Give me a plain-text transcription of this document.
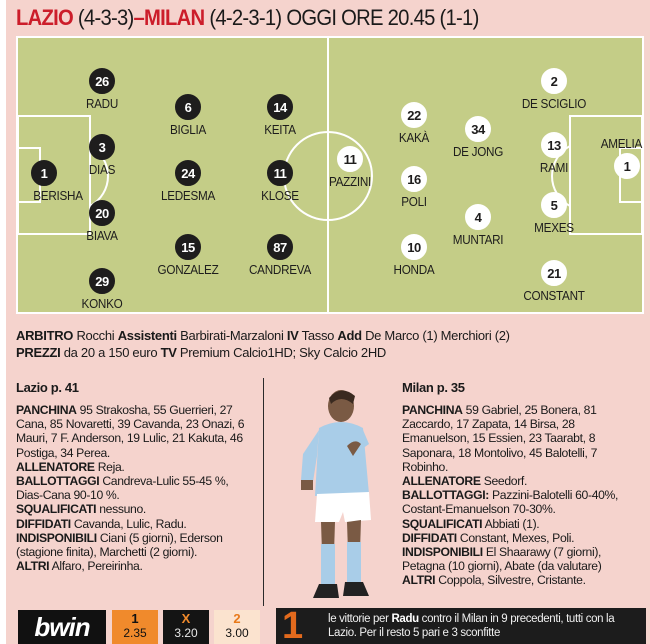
LAZIO (4-3-3)–MILAN (4-2-3-1) OGGI ORE 20.45 (1-1)
26
RADU
3
DIAS
1
BERISHA
20
BIAVA
29
KONKO
6
BIGLIA
24
LEDESMA
15
GONZALEZ
14
KEITA
11
KLOSE
87
CANDREVA
11
PAZZINI
22
KAKÀ
16
POLI
10
HONDA
34
DE JONG
4
MUNTARI
2
DE SCIGLIO
13
RAMI
5
MEXES
21
CONSTANT
AMELIA
1
ARBITRO Rocchi Assistenti Barbirati-Marzaloni IV Tasso Add De Marco (1) Merchiori (2)
PREZZI da 20 a 150 euro TV Premium Calcio1HD; Sky Calcio 2HD
Lazio p. 41
PANCHINA 95 Strakosha, 55 Guerrieri, 27 Cana, 85 Novaretti, 39 Cavanda, 23 Onazi, 6 Mauri, 7 F. Anderson, 19 Lulic, 21 Kakuta, 46 Postiga, 34 Perea.
ALLENATORE Reja.
BALLOTTAGGI Candreva-Lulic 55-45 %, Dias-Cana 90-10 %.
SQUALIFICATI nessuno.
DIFFIDATI Cavanda, Lulic, Radu.
INDISPONIBILI Ciani (5 giorni), Ederson (stagione finita), Marchetti (2 giorni).
ALTRI Alfaro, Pereirinha.
Milan p. 35
PANCHINA 59 Gabriel, 25 Bonera, 81 Zaccardo, 17 Zapata, 14 Birsa, 28 Emanuelson, 15 Essien, 23 Taarabt, 8 Saponara, 18 Montolivo, 45 Balotelli, 7 Robinho.
ALLENATORE Seedorf.
BALLOTTAGGI: Pazzini-Balotelli 60-40%, Costant-Emanuelson 70-30%.
SQUALIFICATI Abbiati (1).
DIFFIDATI Constant, Mexes, Poli.
INDISPONIBILI El Shaarawy (7 giorni), Petagna (10 giorni), Abate (da valutare)
ALTRI Coppola, Silvestre, Cristante.
bwin	1
2.35
X
3.20
2
3.00 1 le vittorie per Radu contro il Milan in 9 precedenti, tutti con la Lazio. Per il resto 5 pari e 3 sconfitte
